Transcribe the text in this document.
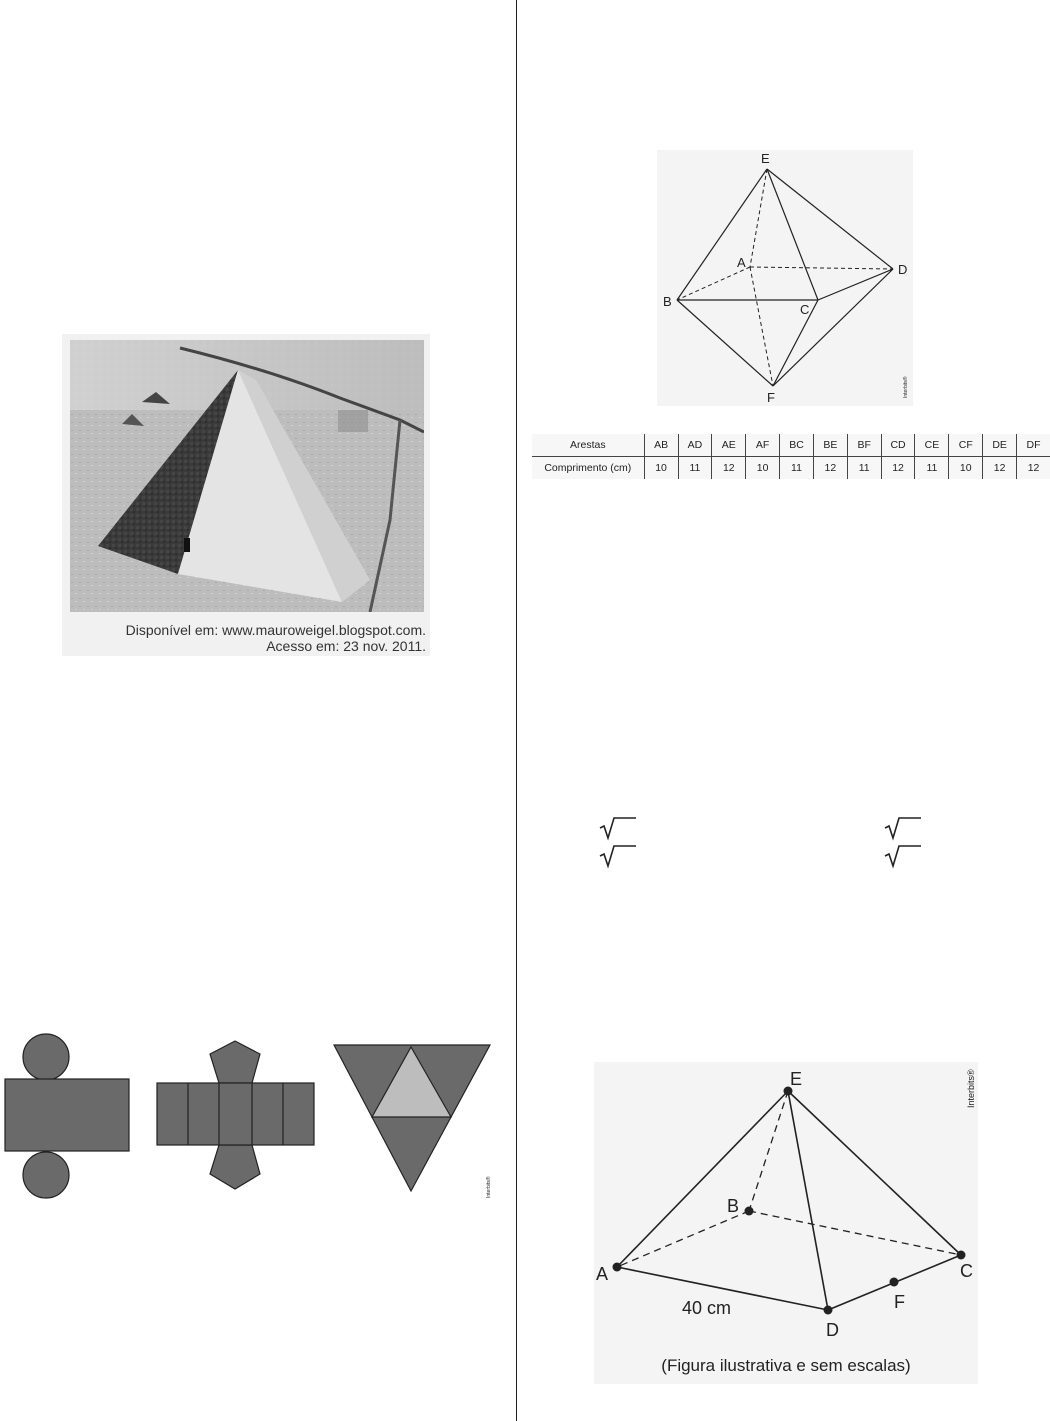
Disponível em: www.mauroweigel.blogspot.com.
Acesso em: 23 nov. 2011.
E
A	D
B
C
F	Interbits®
Arestas	AB	AD	AE	AF	BC	BE	BF	CD	CE	CF	DE	DF
Comprimento (cm)	10	11	12	10	11	12	11	12	11	10	12	12
Interbits®
E
B
A	C
F
D
40 cm
Interbits®
(Figura ilustrativa e sem escalas)
